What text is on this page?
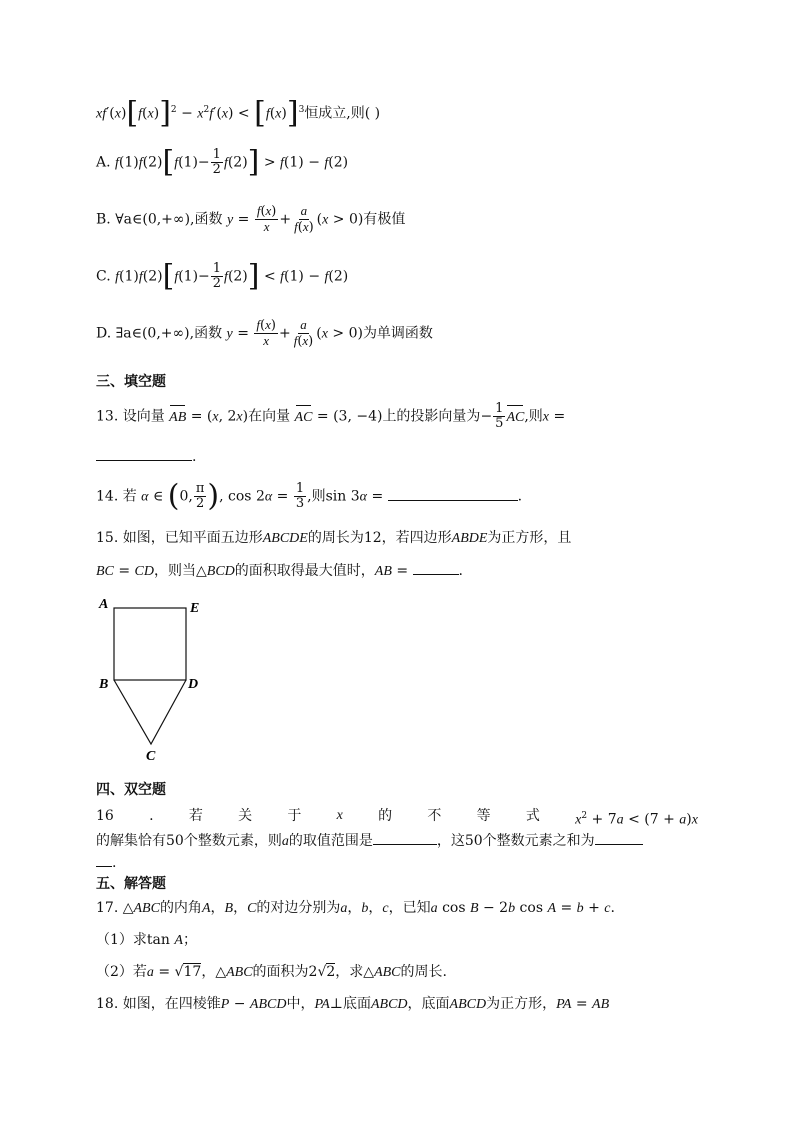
$xf'(x)[f(x)]^2 - x^2f'(x) < [f(x)]^3$恒成立,则( )
A. $f(1)f(2)[f(1)- \frac{1}{2} f(2)] > f(1) - f(2)$
B. ∀a∈(0,+∞),函数 $y = \frac{f(x)}{x} + \frac{a}{f(x)} (x > 0)$有极值
C. $f(1)f(2)[f(1)- \frac{1}{2} f(2)] < f(1) - f(2)$
D. ∃a∈(0,+∞),函数 $y = \frac{f(x)}{x} + \frac{a}{f(x)} (x > 0)$为单调函数
三、填空题
13. 设向量 AB = (x, 2x)在向量 AC = (3, −4)上的投影向量为− $\frac{1}{5}$ AC,则x =
.
14. 若 α ∈ (0, $\frac{\pi}{2}$ ), $\cos 2\alpha = \frac{1}{3}$ ,则sin 3α =	.
15. 如图，已知平面五边形ABCDE的周长为12，若四边形ABDE为正方形，且
BC = CD，则当△BCD的面积取得最大值时，AB =	.
A	E
B	D
C
四、双空题
16	.	若	关	于	x	的	不	等	式	$x^2 + 7a < (7 + a)x$
的解集恰有50个整数元素，则a的取值范围是	，这50个整数元素之和为
.
五、解答题
17. △ABC的内角A，B，C的对边分别为a，b，c，已知a cos B − 2b cos A = b + c.
（1）求tan A；
（2）若a = √17，△ABC的面积为2√2，求△ABC的周长.
18. 如图，在四棱锥P − ABCD中，PA⊥底面ABCD，底面ABCD为正方形，PA = AB
